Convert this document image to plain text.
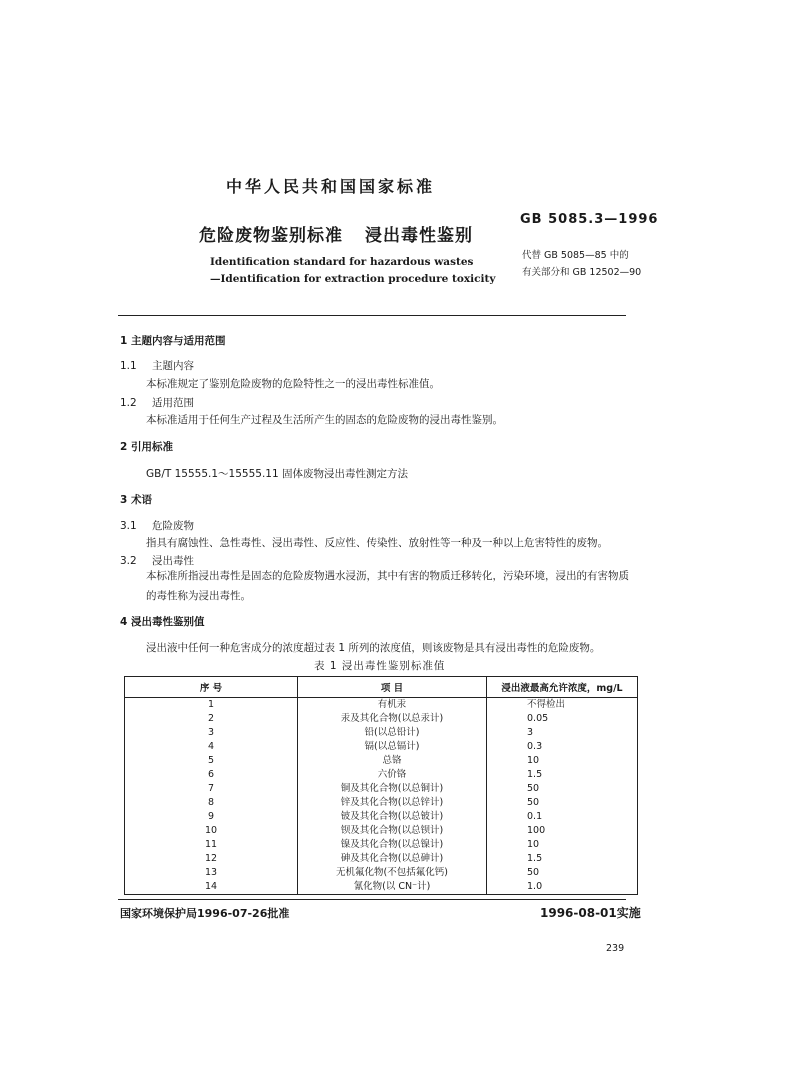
中华人民共和国国家标准
危险废物鉴别标准 浸出毒性鉴别
GB 5085.3—1996
Identification standard for hazardous wastes
—Identification for extraction procedure toxicity
代替 GB 5085—85 中的
有关部分和 GB 12502—90
1 主题内容与适用范围
1.1 主题内容
本标准规定了鉴别危险废物的危险特性之一的浸出毒性标准值。
1.2 适用范围
本标准适用于任何生产过程及生活所产生的固态的危险废物的浸出毒性鉴别。
2 引用标准
GB/T 15555.1～15555.11 固体废物浸出毒性测定方法
3 术语
3.1 危险废物
指具有腐蚀性、急性毒性、浸出毒性、反应性、传染性、放射性等一种及一种以上危害特性的废物。
3.2 浸出毒性
本标准所指浸出毒性是固态的危险废物遇水浸沥，其中有害的物质迁移转化，污染环境，浸出的有害物质的毒性称为浸出毒性。
4 浸出毒性鉴别值
浸出液中任何一种危害成分的浓度超过表 1 所列的浓度值，则该废物是具有浸出毒性的危险废物。
表 1 浸出毒性鉴别标准值
序 号	项 目	浸出液最高允许浓度，mg/L
1	有机汞	不得检出
2	汞及其化合物(以总汞计)	0.05
3	铅(以总铅计)	3
4	镉(以总镉计)	0.3
5	总铬	10
6	六价铬	1.5
7	铜及其化合物(以总铜计)	50
8	锌及其化合物(以总锌计)	50
9	铍及其化合物(以总铍计)	0.1
10	钡及其化合物(以总钡计)	100
11	镍及其化合物(以总镍计)	10
12	砷及其化合物(以总砷计)	1.5
13	无机氟化物(不包括氟化钙)	50
14	氰化物(以 CN⁻计)	1.0
国家环境保护局1996-07-26批准	1996-08-01实施
239
